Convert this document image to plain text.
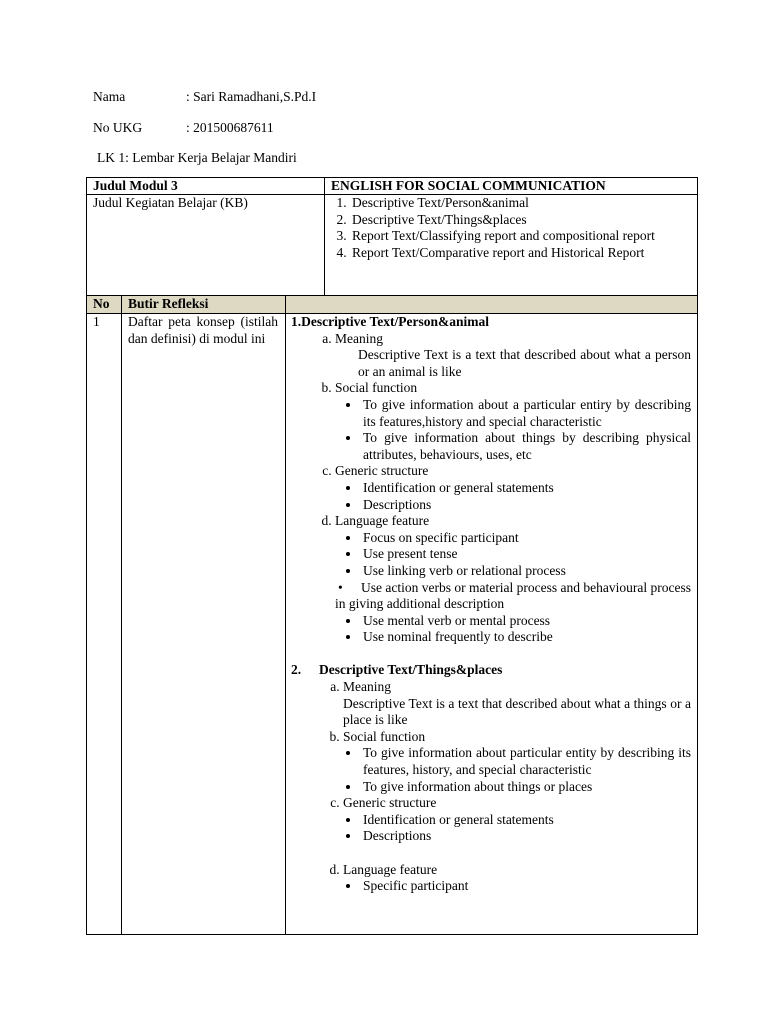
Nama	: Sari Ramadhani,S.Pd.I
No UKG	: 201500687611
LK 1: Lembar Kerja Belajar Mandiri
Judul Modul 3	ENGLISH FOR SOCIAL COMMUNICATION
Judul Kegiatan Belajar (KB)
1.	Descriptive Text/Person&animal
2. Descriptive Text/Things&places
3. Report Text/Classifying report and compositional report
4. Report Text/Comparative report and Historical Report
No Butir Refleksi
1 Daftar peta konsep (istilah dan definisi) di modul ini
1.Descriptive Text/Person&animal
a. Meaning
Descriptive Text is a text that described about what a person or an animal is like
b. Social function
• To give information about a particular entiry by describing its features,history and special characteristic
• To give information about things by describing physical attributes, behaviours, uses, etc
c. Generic structure
• Identification or general statements
• Descriptions
d. Language feature
• Focus on specific participant
• Use present tense
• Use linking verb or relational process
• Use action verbs or material process and behavioural process in giving additional description
• Use mental verb or mental process
• Use nominal frequently to describe
2. Descriptive Text/Things&places
a. Meaning
Descriptive Text is a text that described about what a things or a place is like
b. Social function
• To give information about particular entity by describing its features, history, and special characteristic
• To give information about things or places
c. Generic structure
• Identification or general statements
• Descriptions
d. Language feature
• Specific participant
